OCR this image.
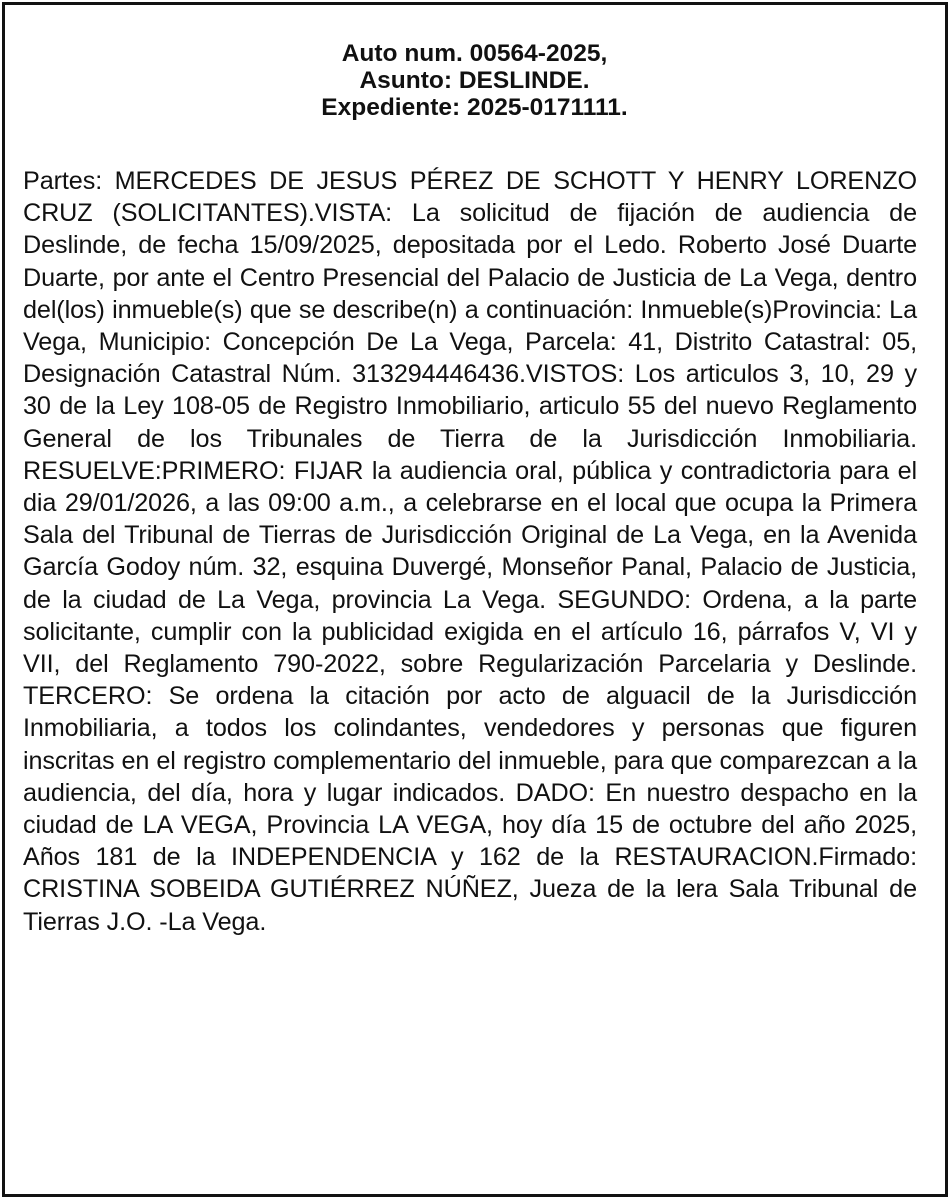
Auto num. 00564-2025,
Asunto: DESLINDE.
Expediente: 2025-0171111.

Partes: MERCEDES DE JESUS PÉREZ DE SCHOTT Y HENRY LORENZO CRUZ (SOLICITANTES).VISTA: La solicitud de fijación de audiencia de Deslinde, de fecha 15/09/2025, depositada por el Ledo. Roberto José Duarte Duarte, por ante el Centro Presencial del Palacio de Justicia de La Vega, dentro del(los) inmueble(s) que se describe(n) a continuación: Inmueble(s)Provincia: La Vega, Municipio: Concepción De La Vega, Parcela: 41, Distrito Catastral: 05, Designación Catastral Núm. 313294446436.VISTOS: Los articulos 3, 10, 29 y 30 de la Ley 108-05 de Registro Inmobiliario, articulo 55 del nuevo Reglamento General de los Tribunales de Tierra de la Jurisdicción Inmobiliaria. RESUELVE:PRIMERO: FIJAR la audiencia oral, pública y contradictoria para el dia 29/01/2026, a las 09:00 a.m., a celebrarse en el local que ocupa la Primera Sala del Tribunal de Tierras de Jurisdicción Original de La Vega, en la Avenida García Godoy núm. 32, esquina Duvergé, Monseñor Panal, Palacio de Justicia, de la ciudad de La Vega, provincia La Vega. SEGUNDO: Ordena, a la parte solicitante, cumplir con la publicidad exigida en el artículo 16, párrafos V, VI y VII, del Reglamento 790-2022, sobre Regularización Parcelaria y Deslinde. TERCERO: Se ordena la citación por acto de alguacil de la Jurisdicción Inmobiliaria, a todos los colindantes, vendedores y personas que figuren inscritas en el registro complementario del inmueble, para que comparezcan a la audiencia, del día, hora y lugar indicados. DADO: En nuestro despacho en la ciudad de LA VEGA, Provincia LA VEGA, hoy día 15 de octubre del año 2025, Años 181 de la INDEPENDENCIA y 162 de la RESTAURACION.Firmado: CRISTINA SOBEIDA GUTIÉRREZ NÚÑEZ, Jueza de la lera Sala Tribunal de Tierras J.O. -La Vega.
